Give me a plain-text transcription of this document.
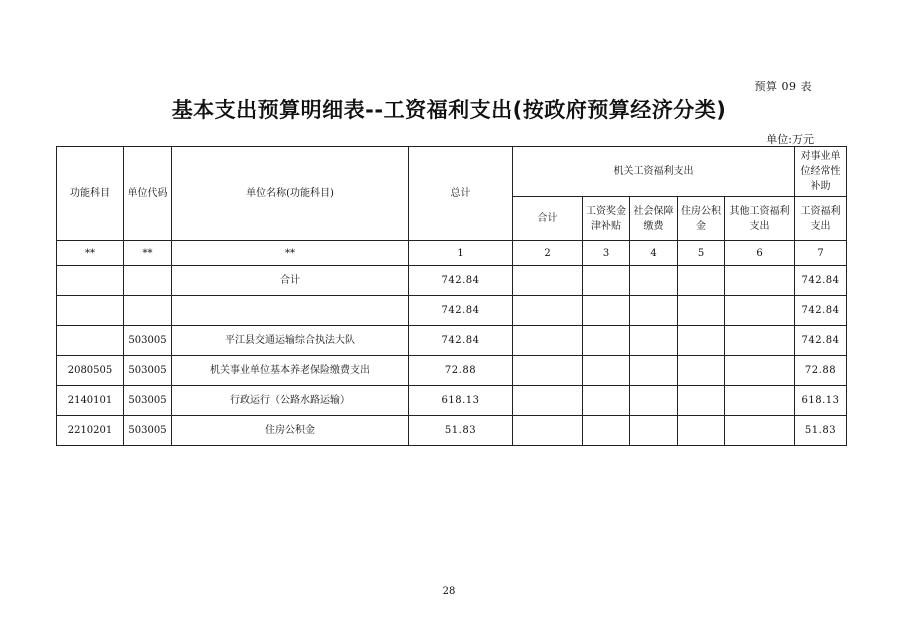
预算 09 表
基本支出预算明细表--工资福利支出(按政府预算经济分类)
单位:万元
功能科目	单位代码	单位名称(功能科目)	总计	机关工资福利支出					对事业单位经常性补助
				合计	工资奖金津补贴	社会保障缴费	住房公积金	其他工资福利支出	工资福利支出
**	**	**	1	2	3	4	5	6	7
		合计	742.84						742.84
			742.84						742.84
	503005	平江县交通运输综合执法大队	742.84						742.84
2080505	503005	机关事业单位基本养老保险缴费支出	72.88						72.88
2140101	503005	行政运行（公路水路运输）	618.13						618.13
2210201	503005	住房公积金	51.83						51.83
28
